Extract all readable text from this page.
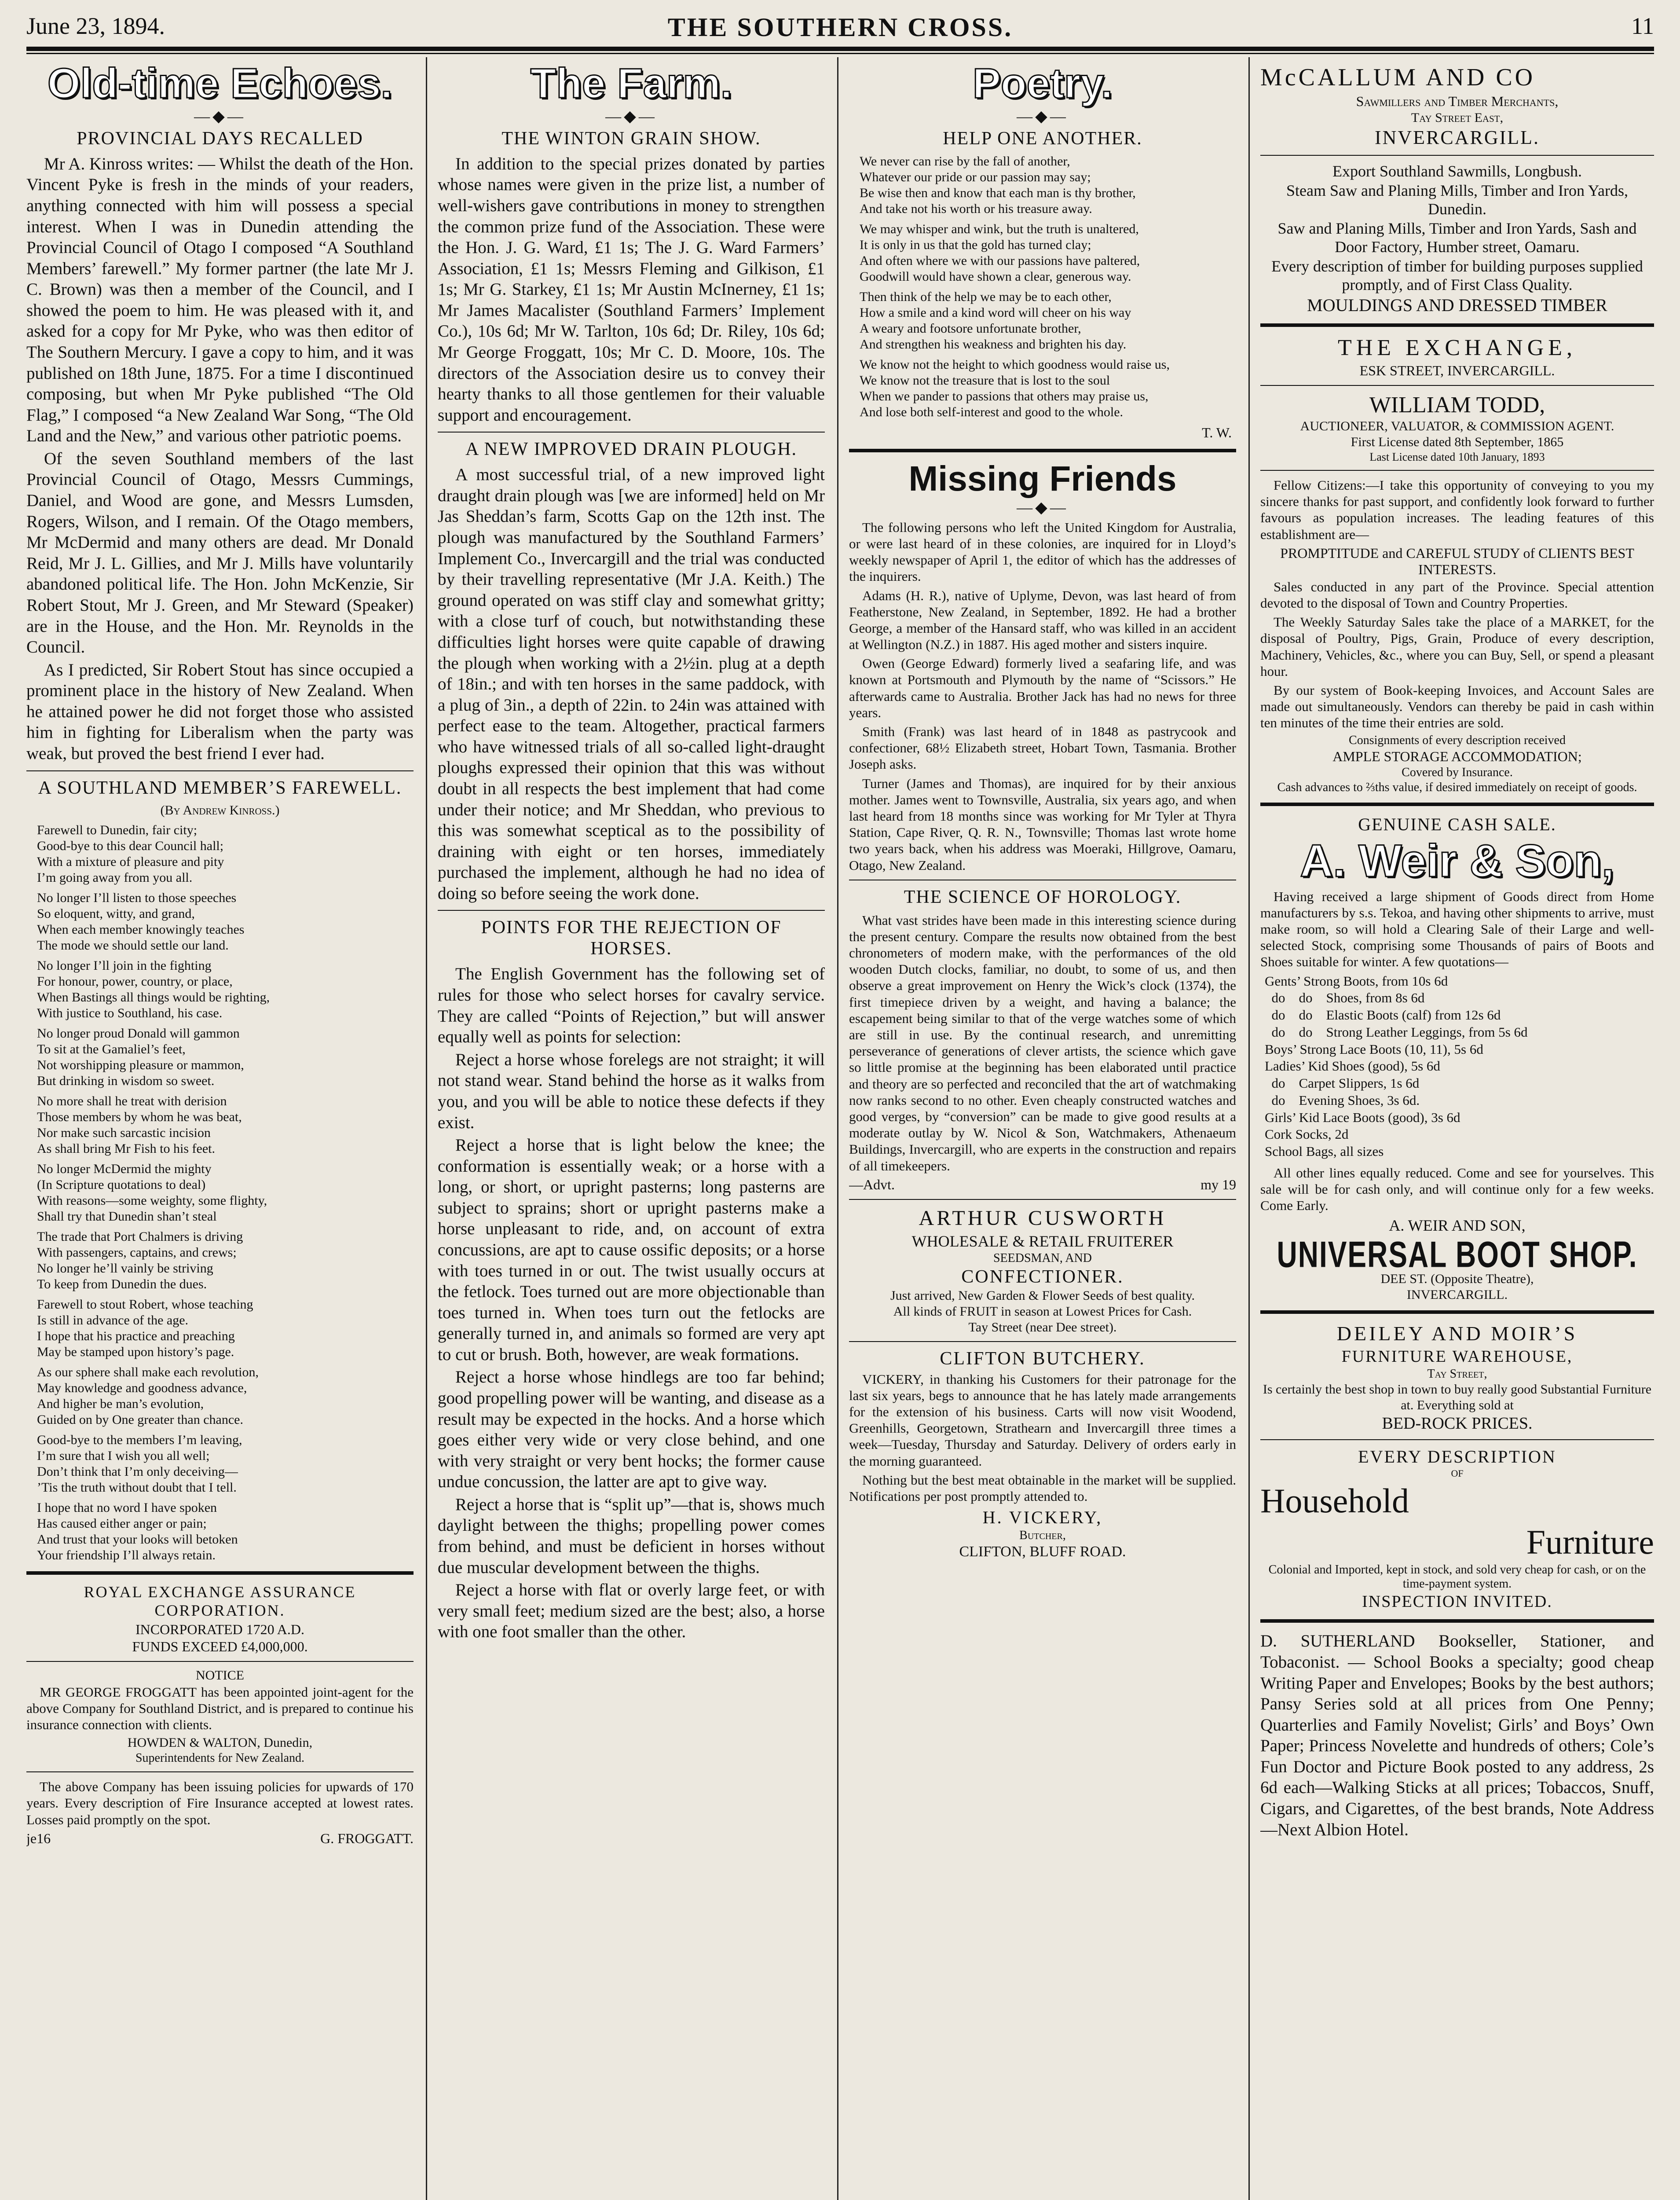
June 23, 1894.	THE SOUTHERN CROSS.	11
Old-time Echoes.
—◆—
PROVINCIAL DAYS RECALLED

Mr A. Kinross writes: — Whilst the death of the Hon. Vincent Pyke is fresh in the minds of your readers, anything connected with him will possess a special interest. When I was in Dunedin attending the Provincial Council of Otago I composed “A Southland Members’ farewell.” My former partner (the late Mr J. C. Brown) was then a member of the Council, and I showed the poem to him. He was pleased with it, and asked for a copy for Mr Pyke, who was then editor of The Southern Mercury. I gave a copy to him, and it was published on 18th June, 1875. For a time I discontinued composing, but when Mr Pyke published “The Old Flag,” I composed “a New Zealand War Song, “The Old Land and the New,” and various other patriotic poems.

Of the seven Southland members of the last Provincial Council of Otago, Messrs Cummings, Daniel, and Wood are gone, and Messrs Lumsden, Rogers, Wilson, and I remain. Of the Otago members, Mr McDermid and many others are dead. Mr Donald Reid, Mr J. L. Gillies, and Mr J. Mills have voluntarily abandoned political life. The Hon. John McKenzie, Sir Robert Stout, Mr J. Green, and Mr Steward (Speaker) are in the House, and the Hon. Mr. Reynolds in the Council.

As I predicted, Sir Robert Stout has since occupied a prominent place in the history of New Zealand. When he attained power he did not forget those who assisted him in fighting for Liberalism when the party was weak, but proved the best friend I ever had.

A SOUTHLAND MEMBER’S FAREWELL.
(By Andrew Kinross.)

Farewell to Dunedin, fair city;
Good-bye to this dear Council hall;
With a mixture of pleasure and pity
I’m going away from you all.

No longer I’ll listen to those speeches
So eloquent, witty, and grand,
When each member knowingly teaches
The mode we should settle our land.

No longer I’ll join in the fighting
For honour, power, country, or place,
When Bastings all things would be righting,
With justice to Southland, his case.

No longer proud Donald will gammon
To sit at the Gamaliel’s feet,
Not worshipping pleasure or mammon,
But drinking in wisdom so sweet.

No more shall he treat with derision
Those members by whom he was beat,
Nor make such sarcastic incision
As shall bring Mr Fish to his feet.

No longer McDermid the mighty
(In Scripture quotations to deal)
With reasons—some weighty, some flighty,
Shall try that Dunedin shan’t steal

The trade that Port Chalmers is driving
With passengers, captains, and crews;
No longer he’ll vainly be striving
To keep from Dunedin the dues.

Farewell to stout Robert, whose teaching
Is still in advance of the age.
I hope that his practice and preaching
May be stamped upon history’s page.

As our sphere shall make each revolution,
May knowledge and goodness advance,
And higher be man’s evolution,
Guided on by One greater than chance.

Good-bye to the members I’m leaving,
I’m sure that I wish you all well;
Don’t think that I’m only deceiving—
’Tis the truth without doubt that I tell.

I hope that no word I have spoken
Has caused either anger or pain;
And trust that your looks will betoken
Your friendship I’ll always retain.

ROYAL EXCHANGE ASSURANCE CORPORATION.
INCORPORATED 1720 A.D.
FUNDS EXCEED £4,000,000.
NOTICE

MR GEORGE FROGGATT has been appointed joint-agent for the above Company for Southland District, and is prepared to continue his insurance connection with clients.

HOWDEN & WALTON, Dunedin,
Superintendents for New Zealand.

The above Company has been issuing policies for upwards of 170 years. Every description of Fire Insurance accepted at lowest rates. Losses paid promptly on the spot.

je16	G. FROGGATT.
The Farm.
—◆—
THE WINTON GRAIN SHOW.

In addition to the special prizes donated by parties whose names were given in the prize list, a number of well-wishers gave contributions in money to strengthen the common prize fund of the Association. These were the Hon. J. G. Ward, £1 1s; The J. G. Ward Farmers’ Association, £1 1s; Messrs Fleming and Gilkison, £1 1s; Mr G. Starkey, £1 1s; Mr Austin McInerney, £1 1s; Mr James Macalister (Southland Farmers’ Implement Co.), 10s 6d; Mr W. Tarlton, 10s 6d; Dr. Riley, 10s 6d; Mr George Froggatt, 10s; Mr C. D. Moore, 10s. The directors of the Association desire us to convey their hearty thanks to all those gentlemen for their valuable support and encouragement.

A NEW IMPROVED DRAIN PLOUGH.

A most successful trial, of a new improved light draught drain plough was [we are informed] held on Mr Jas Sheddan’s farm, Scotts Gap on the 12th inst. The plough was manufactured by the Southland Farmers’ Implement Co., Invercargill and the trial was conducted by their travelling representative (Mr J.A. Keith.) The ground operated on was stiff clay and somewhat gritty; with a close turf of couch, but notwithstanding these difficulties light horses were quite capable of drawing the plough when working with a 2½in. plug at a depth of 18in.; and with ten horses in the same paddock, with a plug of 3in., a depth of 22in. to 24in was attained with perfect ease to the team. Altogether, practical farmers who have witnessed trials of all so-called light-draught ploughs expressed their opinion that this was without doubt in all respects the best implement that had come under their notice; and Mr Sheddan, who previous to this was somewhat sceptical as to the possibility of draining with eight or ten horses, immediately purchased the implement, although he had no idea of doing so before seeing the work done.

POINTS FOR THE REJECTION OF HORSES.

The English Government has the following set of rules for those who select horses for cavalry service. They are called “Points of Rejection,” but will answer equally well as points for selection:

Reject a horse whose forelegs are not straight; it will not stand wear. Stand behind the horse as it walks from you, and you will be able to notice these defects if they exist.

Reject a horse that is light below the knee; the conformation is essentially weak; or a horse with a long, or short, or upright pasterns; long pasterns are subject to sprains; short or upright pasterns make a horse unpleasant to ride, and, on account of extra concussions, are apt to cause ossific deposits; or a horse with toes turned in or out. The twist usually occurs at the fetlock. Toes turned out are more objectionable than toes turned in. When toes turn out the fetlocks are generally turned in, and animals so formed are very apt to cut or brush. Both, however, are weak formations.

Reject a horse whose hindlegs are too far behind; good propelling power will be wanting, and disease as a result may be expected in the hocks. And a horse which goes either very wide or very close behind, and one with very straight or very bent hocks; the former cause undue concussion, the latter are apt to give way.

Reject a horse that is “split up”—that is, shows much daylight between the thighs; propelling power comes from behind, and must be deficient in horses without due muscular development between the thighs.

Reject a horse with flat or overly large feet, or with very small feet; medium sized are the best; also, a horse with one foot smaller than the other.

Poetry.
—◆—
HELP ONE ANOTHER.

We never can rise by the fall of another,
Whatever our pride or our passion may say;
Be wise then and know that each man is thy brother,
And take not his worth or his treasure away.

We may whisper and wink, but the truth is unaltered,
It is only in us that the gold has turned clay;
And often where we with our passions have paltered,
Goodwill would have shown a clear, generous way.

Then think of the help we may be to each other,
How a smile and a kind word will cheer on his way
A weary and footsore unfortunate brother,
And strengthen his weakness and brighten his day.

We know not the height to which goodness would raise us,
We know not the treasure that is lost to the soul
When we pander to passions that others may praise us,
And lose both self-interest and good to the whole.

T. W.
Missing Friends
—◆—

The following persons who left the United Kingdom for Australia, or were last heard of in these colonies, are inquired for in Lloyd’s weekly newspaper of April 1, the editor of which has the addresses of the inquirers.

Adams (H. R.), native of Uplyme, Devon, was last heard of from Featherstone, New Zealand, in September, 1892. He had a brother George, a member of the Hansard staff, who was killed in an accident at Wellington (N.Z.) in 1887. His aged mother and sisters inquire.

Owen (George Edward) formerly lived a seafaring life, and was known at Portsmouth and Plymouth by the name of “Scissors.” He afterwards came to Australia. Brother Jack has had no news for three years.

Smith (Frank) was last heard of in 1848 as pastrycook and confectioner, 68½ Elizabeth street, Hobart Town, Tasmania. Brother Joseph asks.

Turner (James and Thomas), are inquired for by their anxious mother. James went to Townsville, Australia, six years ago, and when last heard from 18 months since was working for Mr Tyler at Thyra Station, Cape River, Q. R. N., Townsville; Thomas last wrote home two years back, when his address was Moeraki, Hillgrove, Oamaru, Otago, New Zealand.

THE SCIENCE OF HOROLOGY.

What vast strides have been made in this interesting science during the present century. Compare the results now obtained from the best chronometers of modern make, with the performances of the old wooden Dutch clocks, familiar, no doubt, to some of us, and then observe a great improvement on Henry the Wick’s clock (1374), the first timepiece driven by a weight, and having a balance; the escapement being similar to that of the verge watches some of which are still in use. By the continual research, and unremitting perseverance of generations of clever artists, the science which gave so little promise at the beginning has been elaborated until practice and theory are so perfected and reconciled that the art of watchmaking now ranks second to no other. Even cheaply constructed watches and good verges, by “conversion” can be made to give good results at a moderate outlay by W. Nicol & Son, Watchmakers, Athenaeum Buildings, Invercargill, who are experts in the construction and repairs of all timekeepers.

—Advt.	my 19
ARTHUR CUSWORTH
WHOLESALE & RETAIL FRUITERER
SEEDSMAN, AND
CONFECTIONER.
Just arrived, New Garden & Flower Seeds of best quality.
All kinds of FRUIT in season at Lowest Prices for Cash.
Tay Street (near Dee street).
CLIFTON BUTCHERY.

VICKERY, in thanking his Customers for their patronage for the last six years, begs to announce that he has lately made arrangements for the extension of his business. Carts will now visit Woodend, Greenhills, Georgetown, Strathearn and Invercargill three times a week—Tuesday, Thursday and Saturday. Delivery of orders early in the morning guaranteed.

Nothing but the best meat obtainable in the market will be supplied. Notifications per post promptly attended to.

H. VICKERY,
Butcher,
CLIFTON, BLUFF ROAD.
McCALLUM AND CO
Sawmillers and Timber Merchants,
Tay Street East,
INVERCARGILL.
Export Southland Sawmills, Longbush.
Steam Saw and Planing Mills, Timber and Iron Yards, Dunedin.
Saw and Planing Mills, Timber and Iron Yards, Sash and Door Factory, Humber street, Oamaru.
Every description of timber for building purposes supplied promptly, and of First Class Quality.
MOULDINGS AND DRESSED TIMBER
THE EXCHANGE,
ESK STREET, INVERCARGILL.
WILLIAM TODD,
AUCTIONEER, VALUATOR, & COMMISSION AGENT.
First License dated 8th September, 1865
Last License dated 10th January, 1893

Fellow Citizens:—I take this opportunity of conveying to you my sincere thanks for past support, and confidently look forward to further favours as population increases. The leading features of this establishment are—

PROMPTITUDE and CAREFUL STUDY of CLIENTS BEST INTERESTS.

Sales conducted in any part of the Province. Special attention devoted to the disposal of Town and Country Properties.

The Weekly Saturday Sales take the place of a MARKET, for the disposal of Poultry, Pigs, Grain, Produce of every description, Machinery, Vehicles, &c., where you can Buy, Sell, or spend a pleasant hour.

By our system of Book-keeping Invoices, and Account Sales are made out simultaneously. Vendors can thereby be paid in cash within ten minutes of the time their entries are sold.

Consignments of every description received
AMPLE STORAGE ACCOMMODATION;
Covered by Insurance.
Cash advances to ⅔ths value, if desired immediately on receipt of goods.
GENUINE CASH SALE.
A. Weir & Son,

Having received a large shipment of Goods direct from Home manufacturers by s.s. Tekoa, and having other shipments to arrive, must make room, so will hold a Clearing Sale of their Large and well-selected Stock, comprising some Thousands of pairs of Boots and Shoes suitable for winter. A few quotations—

Gents’ Strong Boots, from 10s 6d
do    do    Shoes, from 8s 6d
do    do    Elastic Boots (calf) from 12s 6d
do    do    Strong Leather Leggings, from 5s 6d
Boys’ Strong Lace Boots (10, 11), 5s 6d
Ladies’ Kid Shoes (good), 5s 6d
do    Carpet Slippers, 1s 6d
do    Evening Shoes, 3s 6d.
Girls’ Kid Lace Boots (good), 3s 6d
Cork Socks, 2d
School Bags, all sizes

All other lines equally reduced. Come and see for yourselves. This sale will be for cash only, and will continue only for a few weeks. Come Early.

A. WEIR AND SON,
UNIVERSAL BOOT SHOP.
DEE ST. (Opposite Theatre),
INVERCARGILL.
DEILEY AND MOIR’S
FURNITURE WAREHOUSE,
Tay Street,
Is certainly the best shop in town to buy really good Substantial Furniture
at. Everything sold at
BED-ROCK PRICES.
EVERY DESCRIPTION
OF
Household
Furniture
Colonial and Imported, kept in stock, and sold very cheap for cash, or on the time-payment system.
INSPECTION INVITED.

D. SUTHERLAND Bookseller, Stationer, and Tobaconist. — School Books a specialty; good cheap Writing Paper and Envelopes; Books by the best authors; Pansy Series sold at all prices from One Penny; Quarterlies and Family Novelist; Girls’ and Boys’ Own Paper; Princess Novelette and hundreds of others; Cole’s Fun Doctor and Picture Book posted to any address, 2s 6d each—Walking Sticks at all prices; Tobaccos, Snuff, Cigars, and Cigarettes, of the best brands, Note Address—Next Albion Hotel.
